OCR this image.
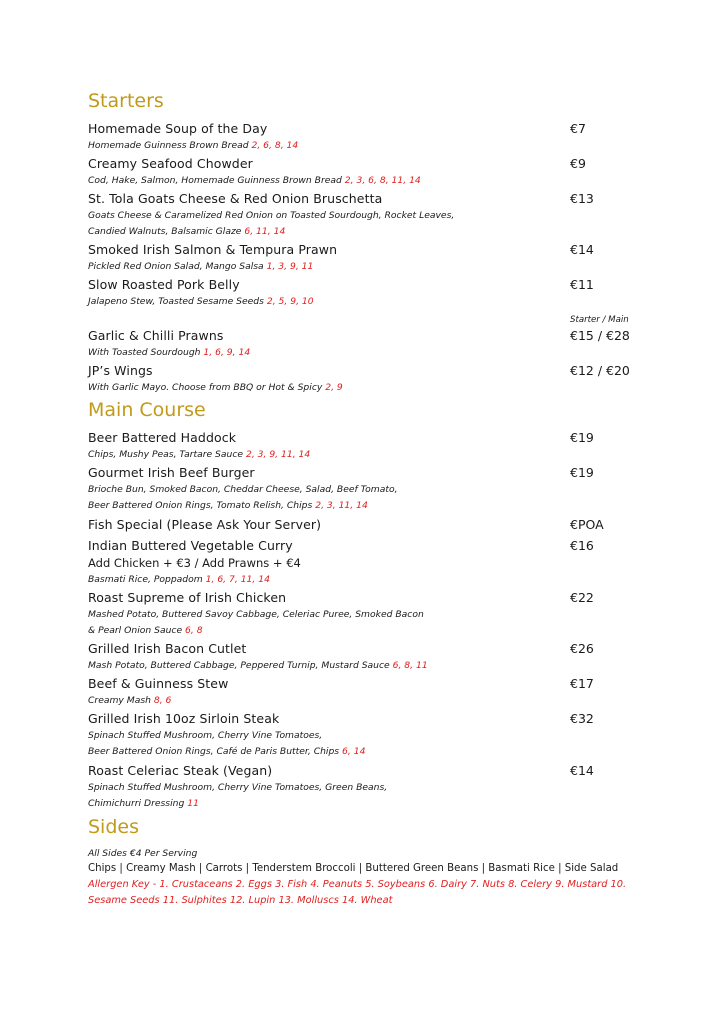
Starters
Homemade Soup of the Day	€7
Homemade Guinness Brown Bread 2, 6, 8, 14
Creamy Seafood Chowder	€9
Cod, Hake, Salmon, Homemade Guinness Brown Bread 2, 3, 6, 8, 11, 14
St. Tola Goats Cheese & Red Onion Bruschetta	€13
Goats Cheese & Caramelized Red Onion on Toasted Sourdough, Rocket Leaves,
Candied Walnuts, Balsamic Glaze 6, 11, 14
Smoked Irish Salmon & Tempura Prawn	€14
Pickled Red Onion Salad, Mango Salsa 1, 3, 9, 11
Slow Roasted Pork Belly	€11
Jalapeno Stew, Toasted Sesame Seeds 2, 5, 9, 10
Starter / Main
Garlic & Chilli Prawns	€15 / €28
With Toasted Sourdough 1, 6, 9, 14
JP’s Wings	€12 / €20
With Garlic Mayo. Choose from BBQ or Hot & Spicy 2, 9
Main Course
Beer Battered Haddock	€19
Chips, Mushy Peas, Tartare Sauce 2, 3, 9, 11, 14
Gourmet Irish Beef Burger	€19
Brioche Bun, Smoked Bacon, Cheddar Cheese, Salad, Beef Tomato,
Beer Battered Onion Rings, Tomato Relish, Chips 2, 3, 11, 14
Fish Special (Please Ask Your Server)	€POA
Indian Buttered Vegetable Curry	€16
Add Chicken + €3 / Add Prawns + €4
Basmati Rice, Poppadom 1, 6, 7, 11, 14
Roast Supreme of Irish Chicken	€22
Mashed Potato, Buttered Savoy Cabbage, Celeriac Puree, Smoked Bacon
& Pearl Onion Sauce 6, 8
Grilled Irish Bacon Cutlet	€26
Mash Potato, Buttered Cabbage, Peppered Turnip, Mustard Sauce 6, 8, 11
Beef & Guinness Stew	€17
Creamy Mash 8, 6
Grilled Irish 10oz Sirloin Steak	€32
Spinach Stuffed Mushroom, Cherry Vine Tomatoes,
Beer Battered Onion Rings, Café de Paris Butter, Chips 6, 14
Roast Celeriac Steak (Vegan)	€14
Spinach Stuffed Mushroom, Cherry Vine Tomatoes, Green Beans,
Chimichurri Dressing 11
Sides
All Sides €4 Per Serving
Chips | Creamy Mash | Carrots | Tenderstem Broccoli | Buttered Green Beans | Basmati Rice | Side Salad
Allergen Key - 1. Crustaceans 2. Eggs 3. Fish 4. Peanuts 5. Soybeans 6. Dairy 7. Nuts 8. Celery 9. Mustard 10. Sesame Seeds 11. Sulphites 12. Lupin 13. Molluscs 14. Wheat
